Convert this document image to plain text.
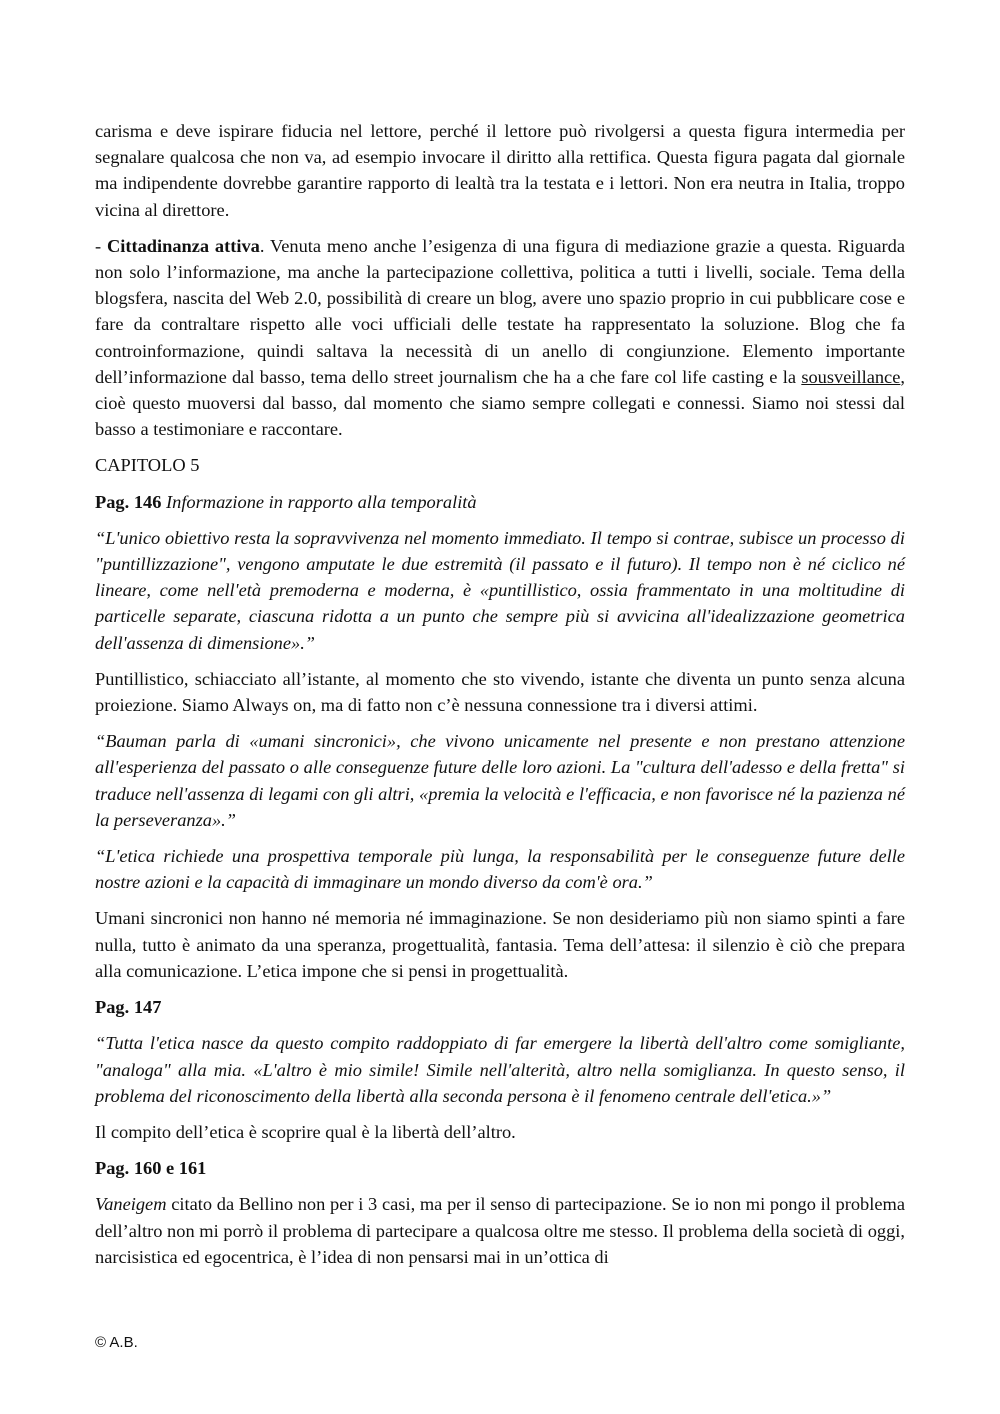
carisma e deve ispirare fiducia nel lettore, perché il lettore può rivolgersi a questa figura intermedia per segnalare qualcosa che non va, ad esempio invocare il diritto alla rettifica. Questa figura pagata dal giornale ma indipendente dovrebbe garantire rapporto di lealtà tra la testata e i lettori. Non era neutra in Italia, troppo vicina al direttore.

- Cittadinanza attiva. Venuta meno anche l’esigenza di una figura di mediazione grazie a questa. Riguarda non solo l’informazione, ma anche la partecipazione collettiva, politica a tutti i livelli, sociale. Tema della blogsfera, nascita del Web 2.0, possibilità di creare un blog, avere uno spazio proprio in cui pubblicare cose e fare da contraltare rispetto alle voci ufficiali delle testate ha rappresentato la soluzione. Blog che fa controinformazione, quindi saltava la necessità di un anello di congiunzione. Elemento importante dell’informazione dal basso, tema dello street journalism che ha a che fare col life casting e la sousveillance, cioè questo muoversi dal basso, dal momento che siamo sempre collegati e connessi. Siamo noi stessi dal basso a testimoniare e raccontare.

CAPITOLO 5

Pag. 146 Informazione in rapporto alla temporalità

“L'unico obiettivo resta la sopravvivenza nel momento immediato. Il tempo si contrae, subisce un processo di "puntillizzazione", vengono amputate le due estremità (il passato e il futuro). Il tempo non è né ciclico né lineare, come nell'età premoderna e moderna, è «puntillistico, ossia frammentato in una moltitudine di particelle separate, ciascuna ridotta a un punto che sempre più si avvicina all'idealizzazione geometrica dell'assenza di dimensione».”

Puntillistico, schiacciato all’istante, al momento che sto vivendo, istante che diventa un punto senza alcuna proiezione. Siamo Always on, ma di fatto non c’è nessuna connessione tra i diversi attimi.

“Bauman parla di «umani sincronici», che vivono unicamente nel presente e non prestano attenzione all'esperienza del passato o alle conseguenze future delle loro azioni. La "cultura dell'adesso e della fretta" si traduce nell'assenza di legami con gli altri, «premia la velocità e l'efficacia, e non favorisce né la pazienza né la perseveranza».”

“L'etica richiede una prospettiva temporale più lunga, la responsabilità per le conseguenze future delle nostre azioni e la capacità di immaginare un mondo diverso da com'è ora.”

Umani sincronici non hanno né memoria né immaginazione. Se non desideriamo più non siamo spinti a fare nulla, tutto è animato da una speranza, progettualità, fantasia. Tema dell’attesa: il silenzio è ciò che prepara alla comunicazione. L’etica impone che si pensi in progettualità.

Pag. 147

“Tutta l'etica nasce da questo compito raddoppiato di far emergere la libertà dell'altro come somigliante, "analoga" alla mia. «L'altro è mio simile! Simile nell'alterità, altro nella somiglianza. In questo senso, il problema del riconoscimento della libertà alla seconda persona è il fenomeno centrale dell'etica.»”

Il compito dell’etica è scoprire qual è la libertà dell’altro.

Pag. 160 e 161

Vaneigem citato da Bellino non per i 3 casi, ma per il senso di partecipazione. Se io non mi pongo il problema dell’altro non mi porrò il problema di partecipare a qualcosa oltre me stesso. Il problema della società di oggi, narcisistica ed egocentrica, è l’idea di non pensarsi mai in un’ottica di

© A.B.
